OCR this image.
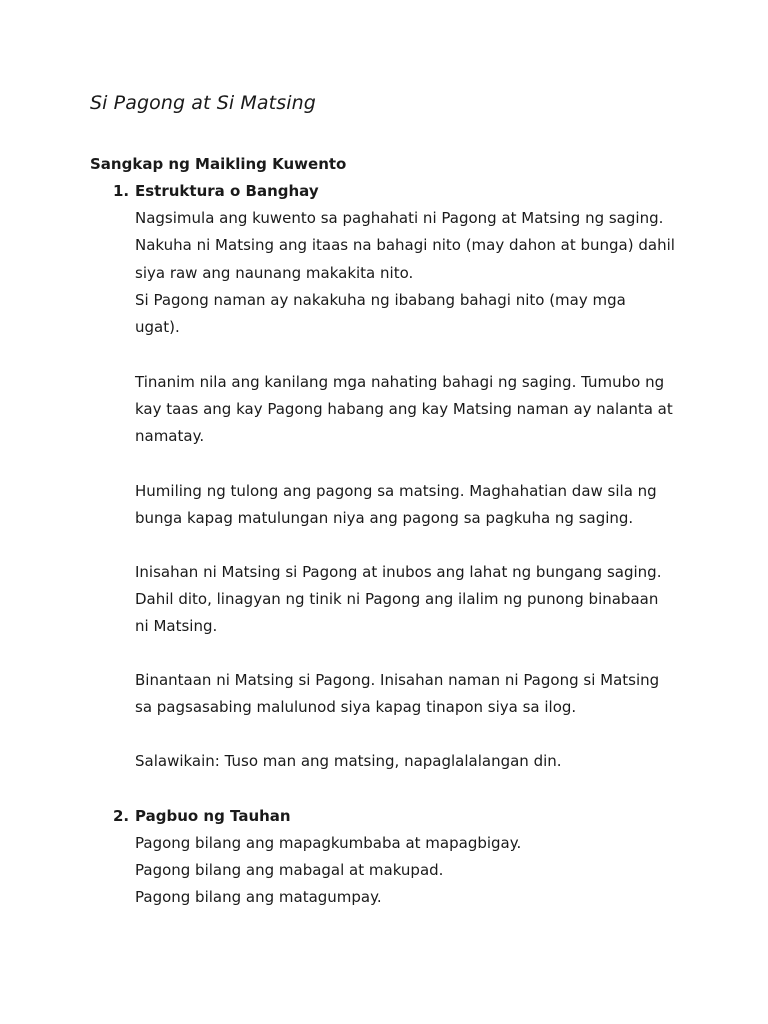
Si Pagong at Si Matsing
Sangkap ng Maikling Kuwento
1. Estruktura o Banghay

Nagsimula ang kuwento sa paghahati ni Pagong at Matsing ng saging.

Nakuha ni Matsing ang itaas na bahagi nito (may dahon at bunga) dahil

siya raw ang naunang makakita nito.

Si Pagong naman ay nakakuha ng ibabang bahagi nito (may mga

ugat).

Tinanim nila ang kanilang mga nahating bahagi ng saging. Tumubo ng

kay taas ang kay Pagong habang ang kay Matsing naman ay nalanta at

namatay.

Humiling ng tulong ang pagong sa matsing. Maghahatian daw sila ng

bunga kapag matulungan niya ang pagong sa pagkuha ng saging.

Inisahan ni Matsing si Pagong at inubos ang lahat ng bungang saging.

Dahil dito, linagyan ng tinik ni Pagong ang ilalim ng punong binabaan

ni Matsing.

Binantaan ni Matsing si Pagong. Inisahan naman ni Pagong si Matsing

sa pagsasabing malulunod siya kapag tinapon siya sa ilog.

Salawikain: Tuso man ang matsing, napaglalalangan din.

2. Pagbuo ng Tauhan

Pagong bilang ang mapagkumbaba at mapagbigay.

Pagong bilang ang mabagal at makupad.

Pagong bilang ang matagumpay.
